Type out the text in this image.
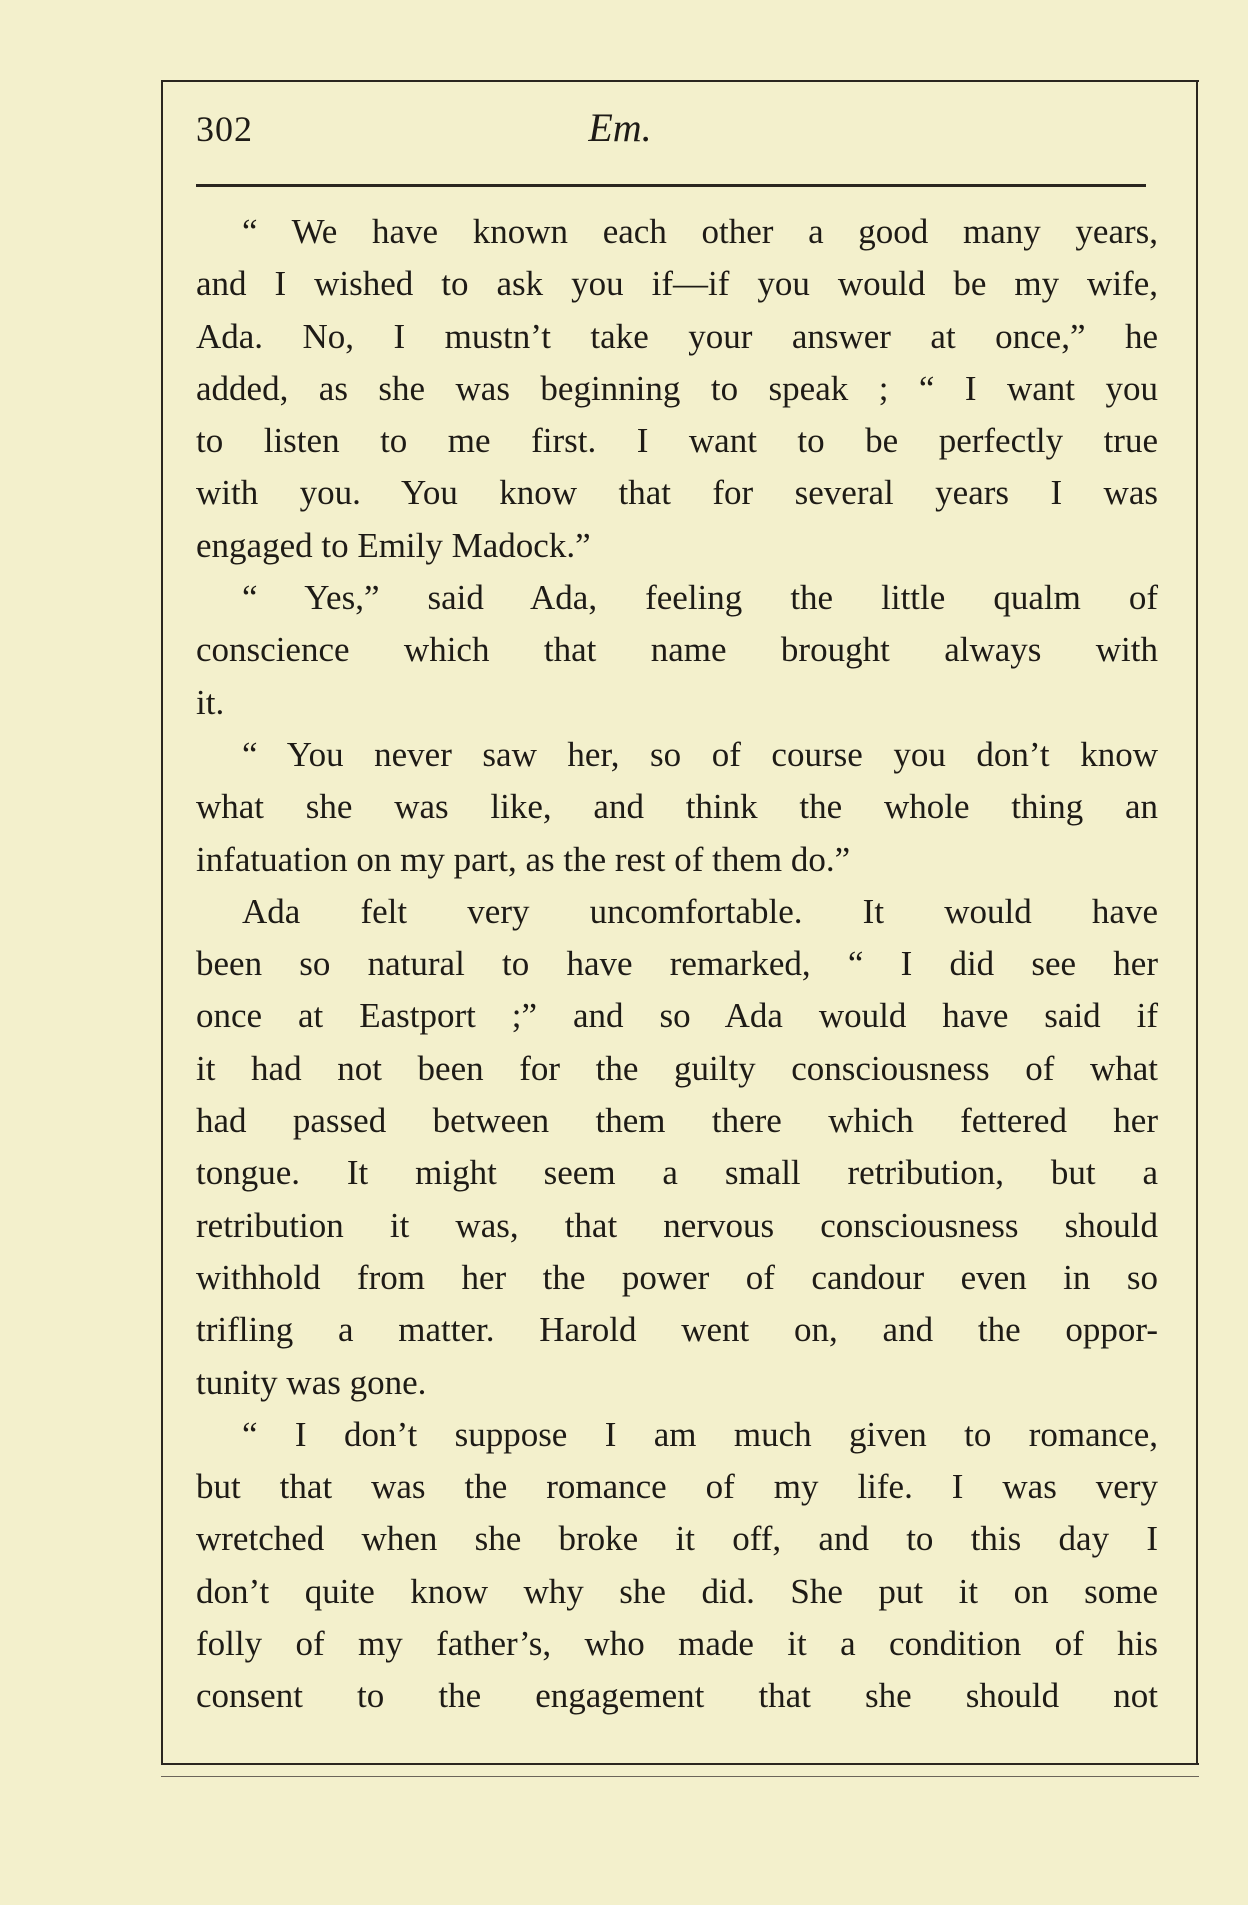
302	Em.
“ We have known each other a good many years,
and I wished to ask you if—if you would be my wife,
Ada. No, I mustn’t take your answer at once,” he
added, as she was beginning to speak ; “ I want you
to listen to me first. I want to be perfectly true
with you. You know that for several years I was
engaged to Emily Madock.”
“ Yes,” said Ada, feeling the little qualm of
conscience which that name brought always with
it.
“ You never saw her, so of course you don’t know
what she was like, and think the whole thing an
infatuation on my part, as the rest of them do.”
Ada felt very uncomfortable. It would have
been so natural to have remarked, “ I did see her
once at Eastport ;” and so Ada would have said if
it had not been for the guilty consciousness of what
had passed between them there which fettered her
tongue. It might seem a small retribution, but a
retribution it was, that nervous consciousness should
withhold from her the power of candour even in so
trifling a matter. Harold went on, and the oppor-
tunity was gone.
“ I don’t suppose I am much given to romance,
but that was the romance of my life. I was very
wretched when she broke it off, and to this day I
don’t quite know why she did. She put it on some
folly of my father’s, who made it a condition of his
consent to the engagement that she should not
